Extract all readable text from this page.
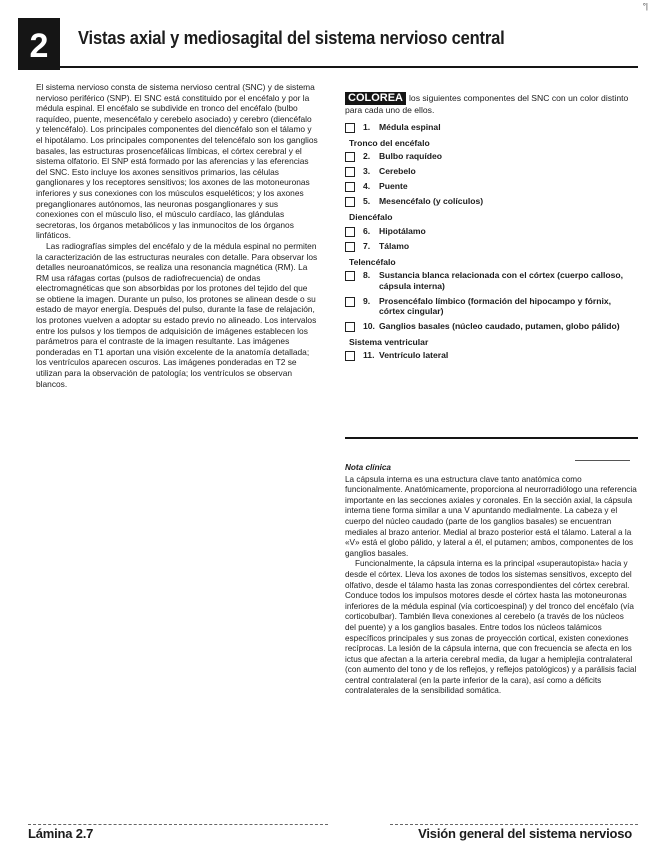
2	Vistas axial y mediosagital del sistema nervioso central
°|

El sistema nervioso consta de sistema nervioso central (SNC) y de sistema nervioso periférico (SNP). El SNC está constituido por el encéfalo y por la médula espinal. El encéfalo se subdivide en tronco del encéfalo (bulbo raquídeo, puente, mesencéfalo y cerebelo asociado) y cerebro (diencéfalo y telencéfalo). Los principales componentes del diencéfalo son el tálamo y el hipotálamo. Los principales componentes del telencéfalo son los ganglios basales, las estructuras prosencefálicas límbicas, el córtex cerebral y el sistema olfatorio. El SNP está formado por las aferencias y las eferencias del SNC. Esto incluye los axones sensitivos primarios, las células ganglionares y los receptores sensitivos; los axones de las motoneuronas inferiores y sus conexiones con los músculos esqueléticos; y los axones preganglionares autónomos, las neuronas posganglionares y sus conexiones con el músculo liso, el músculo cardíaco, las glándulas secretoras, los órganos metabólicos y las inmunocitos de los órganos linfáticos.

Las radiografías simples del encéfalo y de la médula espinal no permiten la caracterización de las estructuras neurales con detalle. Para observar los detalles neuroanatómicos, se realiza una resonancia magnética (RM). La RM usa ráfagas cortas (pulsos de radiofrecuencia) de ondas electromagnéticas que son absorbidas por los protones del tejido del que se obtiene la imagen. Durante un pulso, los protones se alinean desde o su estado de mayor energía. Después del pulso, durante la fase de relajación, los protones vuelven a adoptar su estado previo no alineado. Los intervalos entre los pulsos y los tiempos de adquisición de imágenes establecen los parámetros para el contraste de la imagen resultante. Las imágenes ponderadas en T1 aportan una visión excelente de la anatomía detallada; los ventrículos aparecen oscuros. Las imágenes ponderadas en T2 se utilizan para la observación de patología; los ventrículos se observan blancos.

COLOREA los siguientes componentes del SNC con un color distinto para cada uno de ellos.
1.	Médula espinal
Tronco del encéfalo
2.	Bulbo raquídeo
3.	Cerebelo
4.	Puente
5.	Mesencéfalo (y colículos)
Diencéfalo
6.	Hipotálamo
7.	Tálamo
Telencéfalo
8.	Sustancia blanca relacionada con el córtex (cuerpo calloso, cápsula interna)
9.	Prosencéfalo límbico (formación del hipocampo y fórnix, córtex cingular)
10. Ganglios basales (núcleo caudado, putamen, globo pálido)
Sistema ventricular
11. Ventrículo lateral
Nota clínica

La cápsula interna es una estructura clave tanto anatómica como funcionalmente. Anatómicamente, proporciona al neurorradiólogo una referencia importante en las secciones axiales y coronales. En la sección axial, la cápsula interna tiene forma similar a una V apuntando medialmente. La cabeza y el cuerpo del núcleo caudado (parte de los ganglios basales) se encuentran mediales al brazo anterior. Medial al brazo posterior está el tálamo. Lateral a la «V» está el globo pálido, y lateral a él, el putamen; ambos, componentes de los ganglios basales.

Funcionalmente, la cápsula interna es la principal «superautopista» hacia y desde el córtex. Lleva los axones de todos los sistemas sensitivos, excepto del olfativo, desde el tálamo hasta las zonas correspondientes del córtex cerebral. Conduce todos los impulsos motores desde el córtex hasta las motoneuronas inferiores de la médula espinal (vía corticoespinal) y del tronco del encéfalo (vía corticobulbar). También lleva conexiones al cerebelo (a través de los núcleos del puente) y a los ganglios basales. Entre todos los núcleos talámicos específicos principales y sus zonas de proyección cortical, existen conexiones recíprocas. La lesión de la cápsula interna, que con frecuencia se afecta en los ictus que afectan a la arteria cerebral media, da lugar a hemiplejía contralateral (con aumento del tono y de los reflejos, y reflejos patológicos) y a parálisis facial central contralateral (en la parte inferior de la cara), así como a déficits contralaterales de la sensibilidad somática.

Lámina 2.7	Visión general del sistema nervioso
